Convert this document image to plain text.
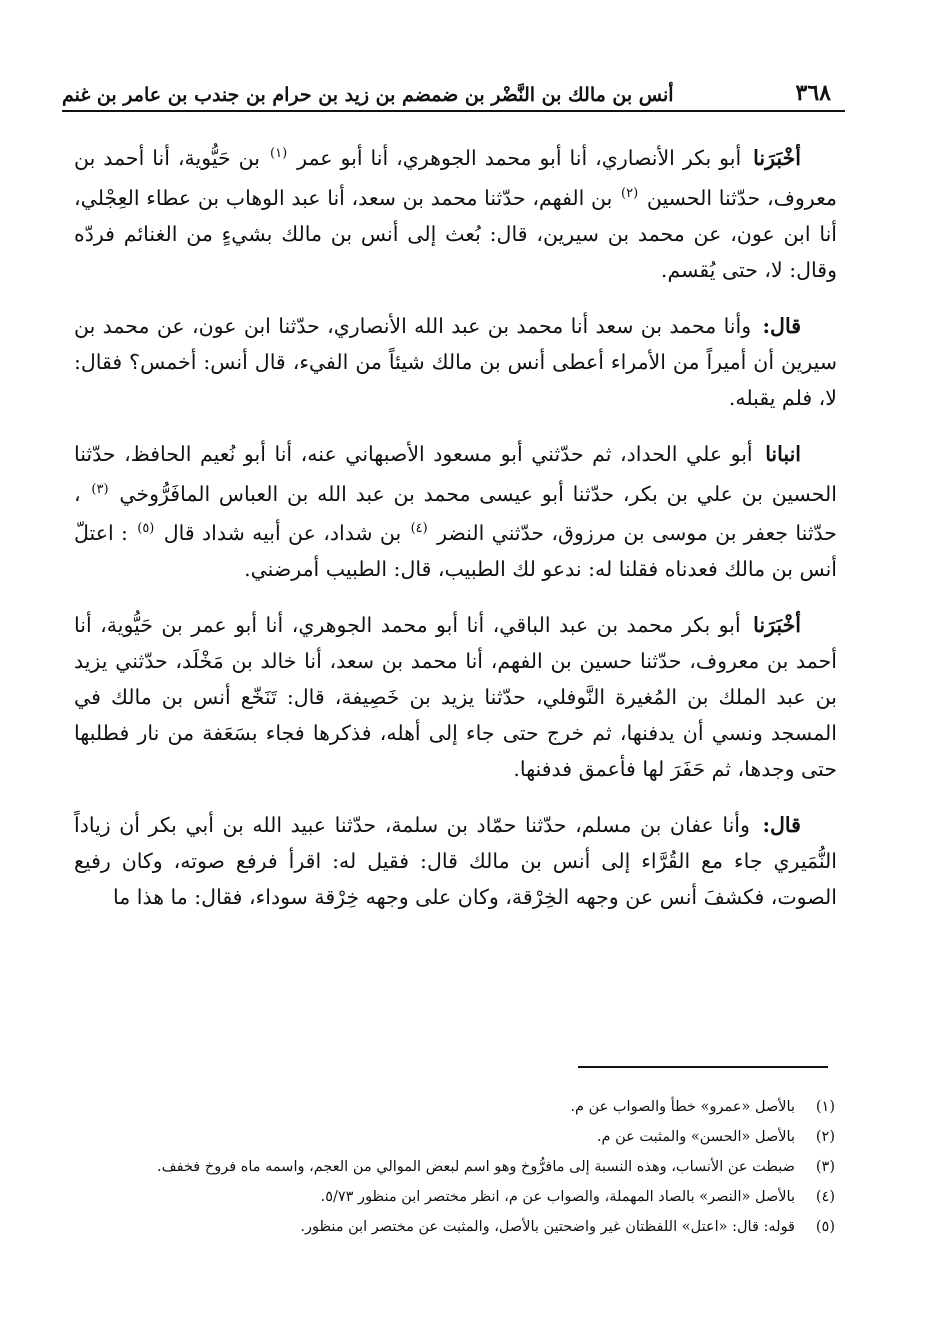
٣٦٨
أنس بن مالك بن النَّضْر بن ضمضم بن زيد بن حرام بن جندب بن عامر بن غنم

أخْبَرَنا أبو بكر الأنصاري، أنا أبو محمد الجوهري، أنا أبو عمر $^{(١)}$ بن حَيُّوية، أنا أحمد بن معروف، حدّثنا الحسين $^{(٢)}$ بن الفهم، حدّثنا محمد بن سعد، أنا عبد الوهاب بن عطاء العِجْلي، أنا ابن عون، عن محمد بن سيرين، قال: بُعث إلى أنس بن مالك بشيءٍ من الغنائم فردّه وقال: لا، حتى يُقسم.

قال: وأنا محمد بن سعد أنا محمد بن عبد الله الأنصاري، حدّثنا ابن عون، عن محمد بن سيرين أن أميراً من الأمراء أعطى أنس بن مالك شيئاً من الفيء، قال أنس: أخمس؟ فقال: لا، فلم يقبله.

انبانا أبو علي الحداد، ثم حدّثني أبو مسعود الأصبهاني عنه، أنا أبو نُعيم الحافظ، حدّثنا الحسين بن علي بن بكر، حدّثنا أبو عيسى محمد بن عبد الله بن العباس المافَرُّوخي $^{(٣)}$ ، حدّثنا جعفر بن موسى بن مرزوق، حدّثني النضر $^{(٤)}$ بن شداد، عن أبيه شداد قال $^{(٥)}$ : اعتلّ أنس بن مالك فعدناه فقلنا له: ندعو لك الطبيب، قال: الطبيب أمرضني.

أخْبَرَنا أبو بكر محمد بن عبد الباقي، أنا أبو محمد الجوهري، أنا أبو عمر بن حَيُّوية، أنا أحمد بن معروف، حدّثنا حسين بن الفهم، أنا محمد بن سعد، أنا خالد بن مَخْلَد، حدّثني يزيد بن عبد الملك بن المُغيرة النَّوفلي، حدّثنا يزيد بن خَصِيفة، قال: تَنَخّع أنس بن مالك في المسجد ونسي أن يدفنها، ثم خرج حتى جاء إلى أهله، فذكرها فجاء بسَعَفة من نار فطلبها حتى وجدها، ثم حَفَرَ لها فأعمق فدفنها.

قال: وأنا عفان بن مسلم، حدّثنا حمّاد بن سلمة، حدّثنا عبيد الله بن أبي بكر أن زياداً النُّمَيري جاء مع القُرَّاء إلى أنس بن مالك قال: فقيل له: اقرأ فرفع صوته، وكان رفيع الصوت، فكشفَ أنس عن وجهه الخِرْقة، وكان على وجهه خِرْقة سوداء، فقال: ما هذا ما

(١)
بالأصل «عمرو» خطأ والصواب عن م.
(٢)
بالأصل «الحسن» والمثبت عن م.
(٣)
ضبطت عن الأنساب، وهذه النسبة إلى مافرُّوخ وهو اسم لبعض الموالي من العجم، واسمه ماه فروخ فخفف.
(٤)
بالأصل «النصر» بالصاد المهملة، والصواب عن م، انظر مختصر ابن منظور ٥/٧٣.
(٥)
قوله: قال: «اعتل» اللفظتان غير واضحتين بالأصل، والمثبت عن مختصر ابن منظور.
